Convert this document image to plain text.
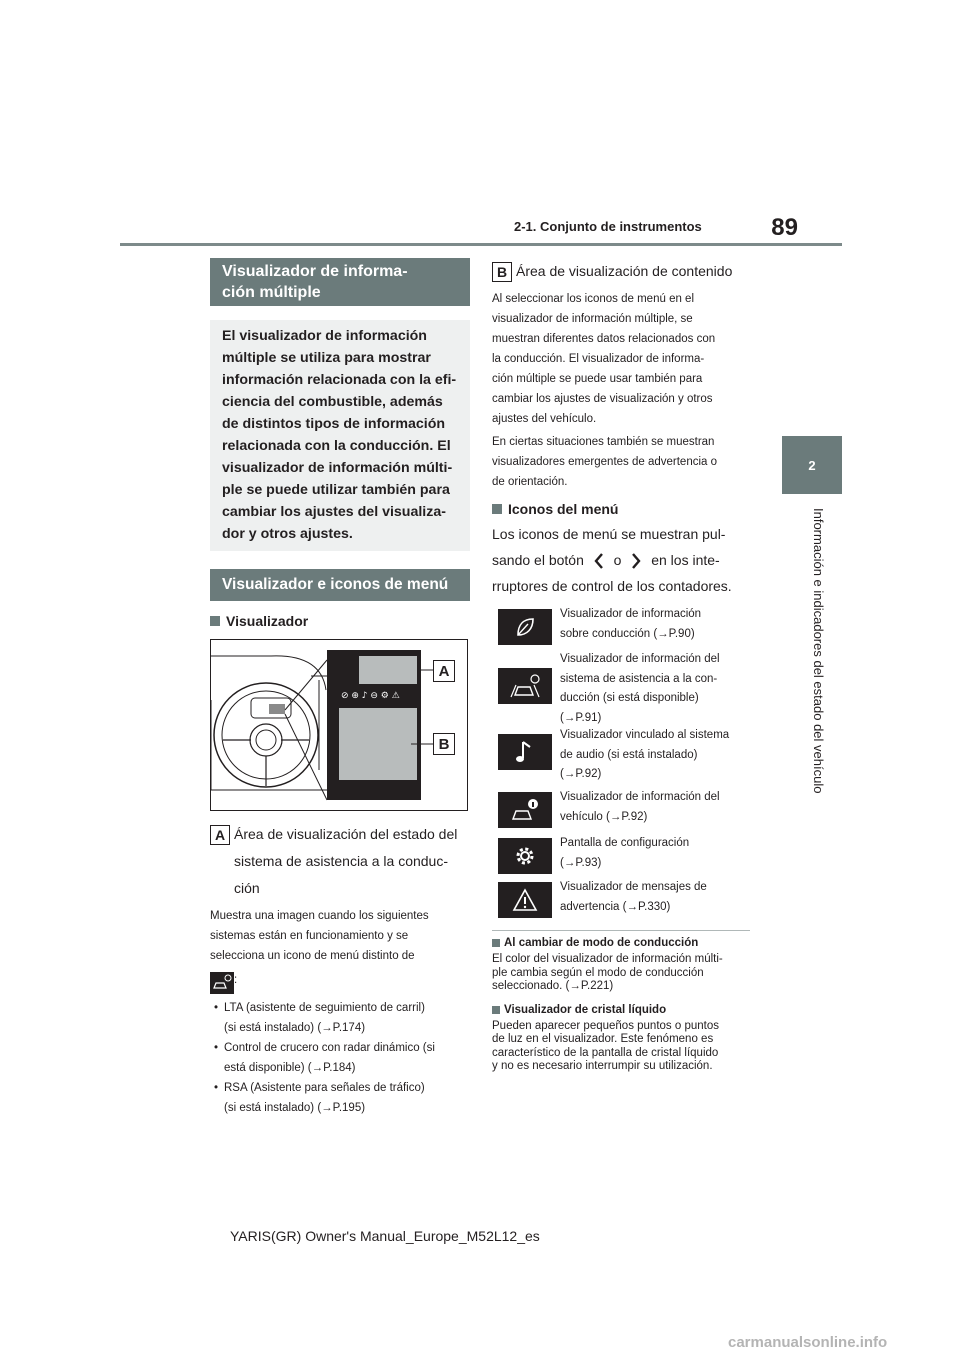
89
2-1. Conjunto de instrumentos
2
Información e indicadores del estado del vehículo
Visualizador de informa-
ción múltiple
El visualizador de información
múltiple se utiliza para mostrar
información relacionada con la efi-
ciencia del combustible, además
de distintos tipos de información
relacionada con la conducción. El
visualizador de información múlti-
ple se puede utilizar también para
cambiar los ajustes del visualiza-
dor y otros ajustes.
Visualizador e iconos de menú
Visualizador
⊘ ⊕ ♪ ⊖ ⚙ ⚠
A
B
A Área de visualización del estado del
sistema de asistencia a la conduc-
ción
Muestra una imagen cuando los siguientes
sistemas están en funcionamiento y se
selecciona un icono de menú distinto de
:
• LTA (asistente de seguimiento de carril)
(si está instalado) (→P.174)
• Control de crucero con radar dinámico (si
está disponible) (→P.184)
• RSA (Asistente para señales de tráfico)
(si está instalado) (→P.195)
B Área de visualización de contenido
Al seleccionar los iconos de menú en el
visualizador de información múltiple, se
muestran diferentes datos relacionados con
la conducción. El visualizador de informa-
ción múltiple se puede usar también para
cambiar los ajustes de visualización y otros
ajustes del vehículo.
En ciertas situaciones también se muestran
visualizadores emergentes de advertencia o
de orientación.
Iconos del menú
Los iconos de menú se muestran pul-
sando el botón o en los inte-
rruptores de control de los contadores.
Visualizador de información
sobre conducción (→P.90)
Visualizador de información del
sistema de asistencia a la con-
ducción (si está disponible)
(→P.91)
Visualizador vinculado al sistema
de audio (si está instalado)
(→P.92)
Visualizador de información del
vehículo (→P.92)
Pantalla de configuración
(→P.93)
Visualizador de mensajes de
advertencia (→P.330)
Al cambiar de modo de conducción
El color del visualizador de información múlti-
ple cambia según el modo de conducción
seleccionado. (→P.221)
Visualizador de cristal líquido
Pueden aparecer pequeños puntos o puntos
de luz en el visualizador. Este fenómeno es
característico de la pantalla de cristal líquido
y no es necesario interrumpir su utilización.
YARIS(GR) Owner's Manual_Europe_M52L12_es
carmanualsonline.info
